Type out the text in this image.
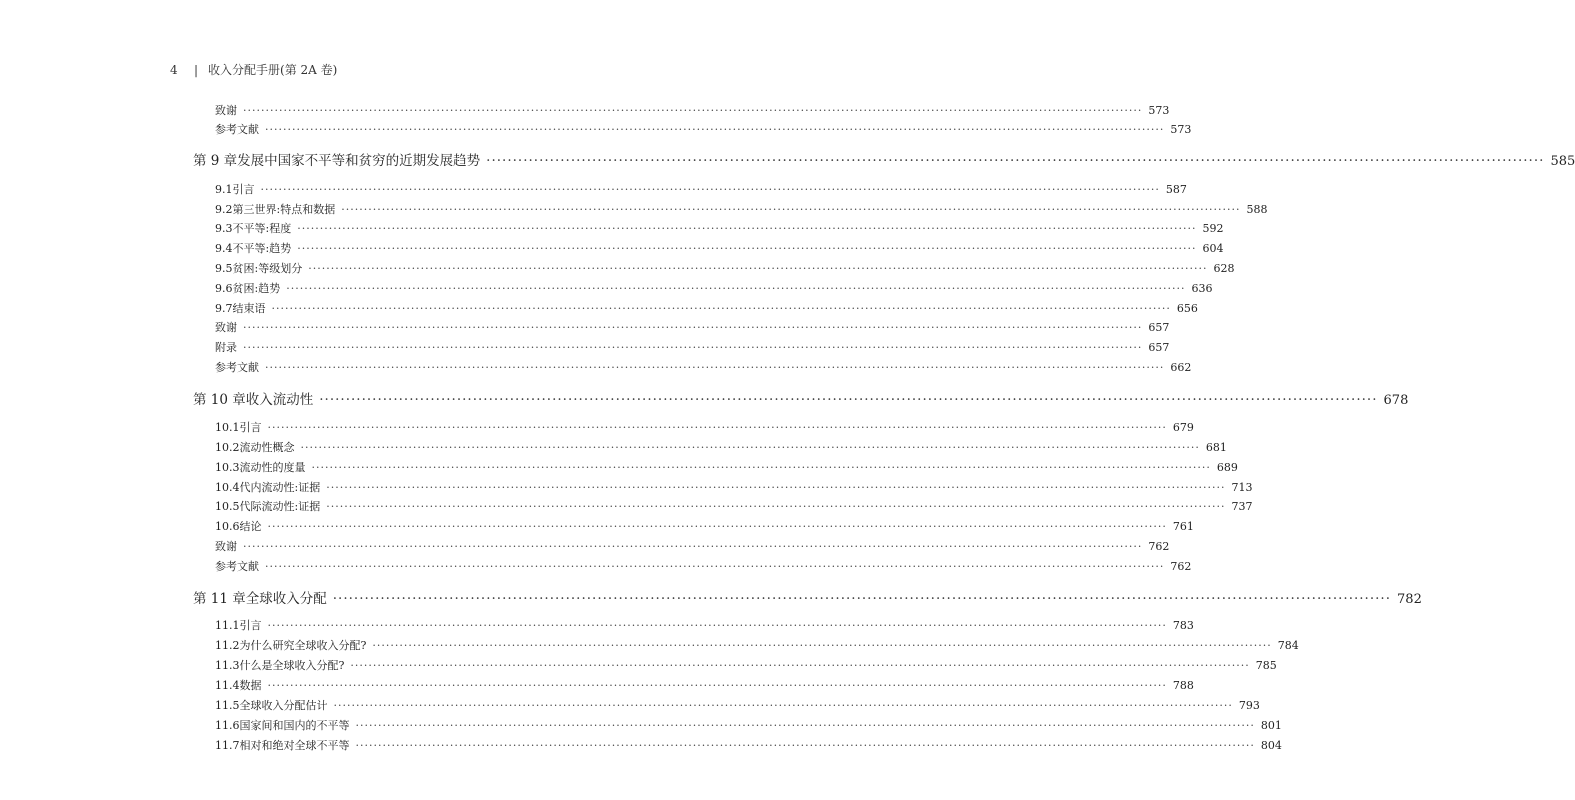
4	| 收入分配手册(第 2A 卷)
致谢 ········································································································································································································ 573
参考文献 ········································································································································································································ 573
第 9 章 发展中国家不平等和贫穷的近期发展趋势 ········································································································································································································ 585
9.1 引言 ········································································································································································································ 587
9.2 第三世界:特点和数据 ········································································································································································································ 588
9.3 不平等:程度 ········································································································································································································ 592
9.4 不平等:趋势 ········································································································································································································ 604
9.5 贫困:等级划分 ········································································································································································································ 628
9.6 贫困:趋势 ········································································································································································································ 636
9.7 结束语 ········································································································································································································ 656
致谢 ········································································································································································································ 657
附录 ········································································································································································································ 657
参考文献 ········································································································································································································ 662
第 10 章 收入流动性 ········································································································································································································ 678
10.1 引言 ········································································································································································································ 679
10.2 流动性概念 ········································································································································································································ 681
10.3 流动性的度量 ········································································································································································································ 689
10.4 代内流动性:证据 ········································································································································································································ 713
10.5 代际流动性:证据 ········································································································································································································ 737
10.6 结论 ········································································································································································································ 761
致谢 ········································································································································································································ 762
参考文献 ········································································································································································································ 762
第 11 章 全球收入分配 ········································································································································································································ 782
11.1 引言 ········································································································································································································ 783
11.2 为什么研究全球收入分配? ········································································································································································································ 784
11.3 什么是全球收入分配? ········································································································································································································ 785
11.4 数据 ········································································································································································································ 788
11.5 全球收入分配估计 ········································································································································································································ 793
11.6 国家间和国内的不平等 ········································································································································································································ 801
11.7 相对和绝对全球不平等 ········································································································································································································ 804
